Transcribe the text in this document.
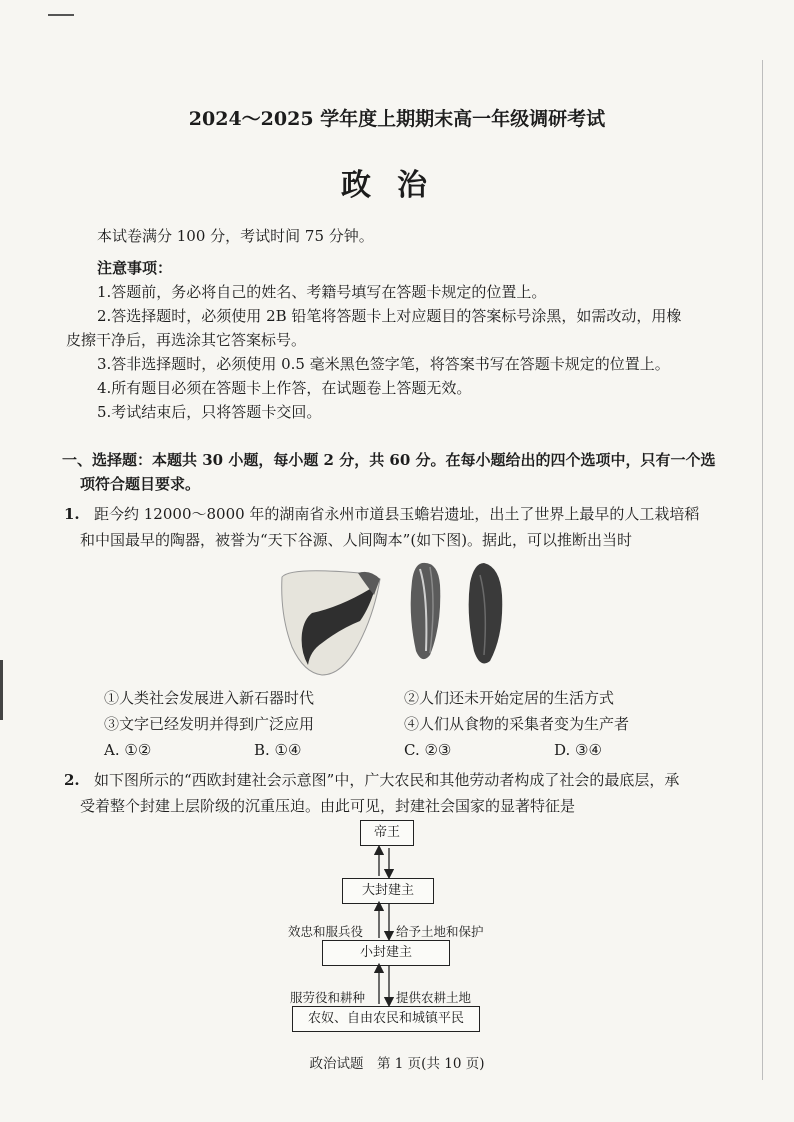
2024～2025 学年度上期期末高一年级调研考试
政治
本试卷满分 100 分，考试时间 75 分钟。
注意事项：
1.答题前，务必将自己的姓名、考籍号填写在答题卡规定的位置上。
2.答选择题时，必须使用 2B 铅笔将答题卡上对应题目的答案标号涂黑，如需改动，用橡
皮擦干净后，再选涂其它答案标号。
3.答非选择题时，必须使用 0.5 毫米黑色签字笔，将答案书写在答题卡规定的位置上。
4.所有题目必须在答题卡上作答，在试题卷上答题无效。
5.考试结束后，只将答题卡交回。
一、选择题：本题共 30 小题，每小题 2 分，共 60 分。在每小题给出的四个选项中，只有一个选
项符合题目要求。
1. 距今约 12000～8000 年的湖南省永州市道县玉蟾岩遗址，出土了世界上最早的人工栽培稻
和中国最早的陶器，被誉为“天下谷源、人间陶本”(如下图)。据此，可以推断出当时
①人类社会发展进入新石器时代	②人们还未开始定居的生活方式
③文字已经发明并得到广泛应用	④人们从食物的采集者变为生产者
A. ①②	B. ①④	C. ②③	D. ③④
2. 如下图所示的“西欧封建社会示意图”中，广大农民和其他劳动者构成了社会的最底层，承
受着整个封建上层阶级的沉重压迫。由此可见，封建社会国家的显著特征是
帝王
大封建主
小封建主
农奴、自由农民和城镇平民
效忠和服兵役	给予土地和保护
服劳役和耕种 提供农耕土地
政治试题　第 1 页(共 10 页)
